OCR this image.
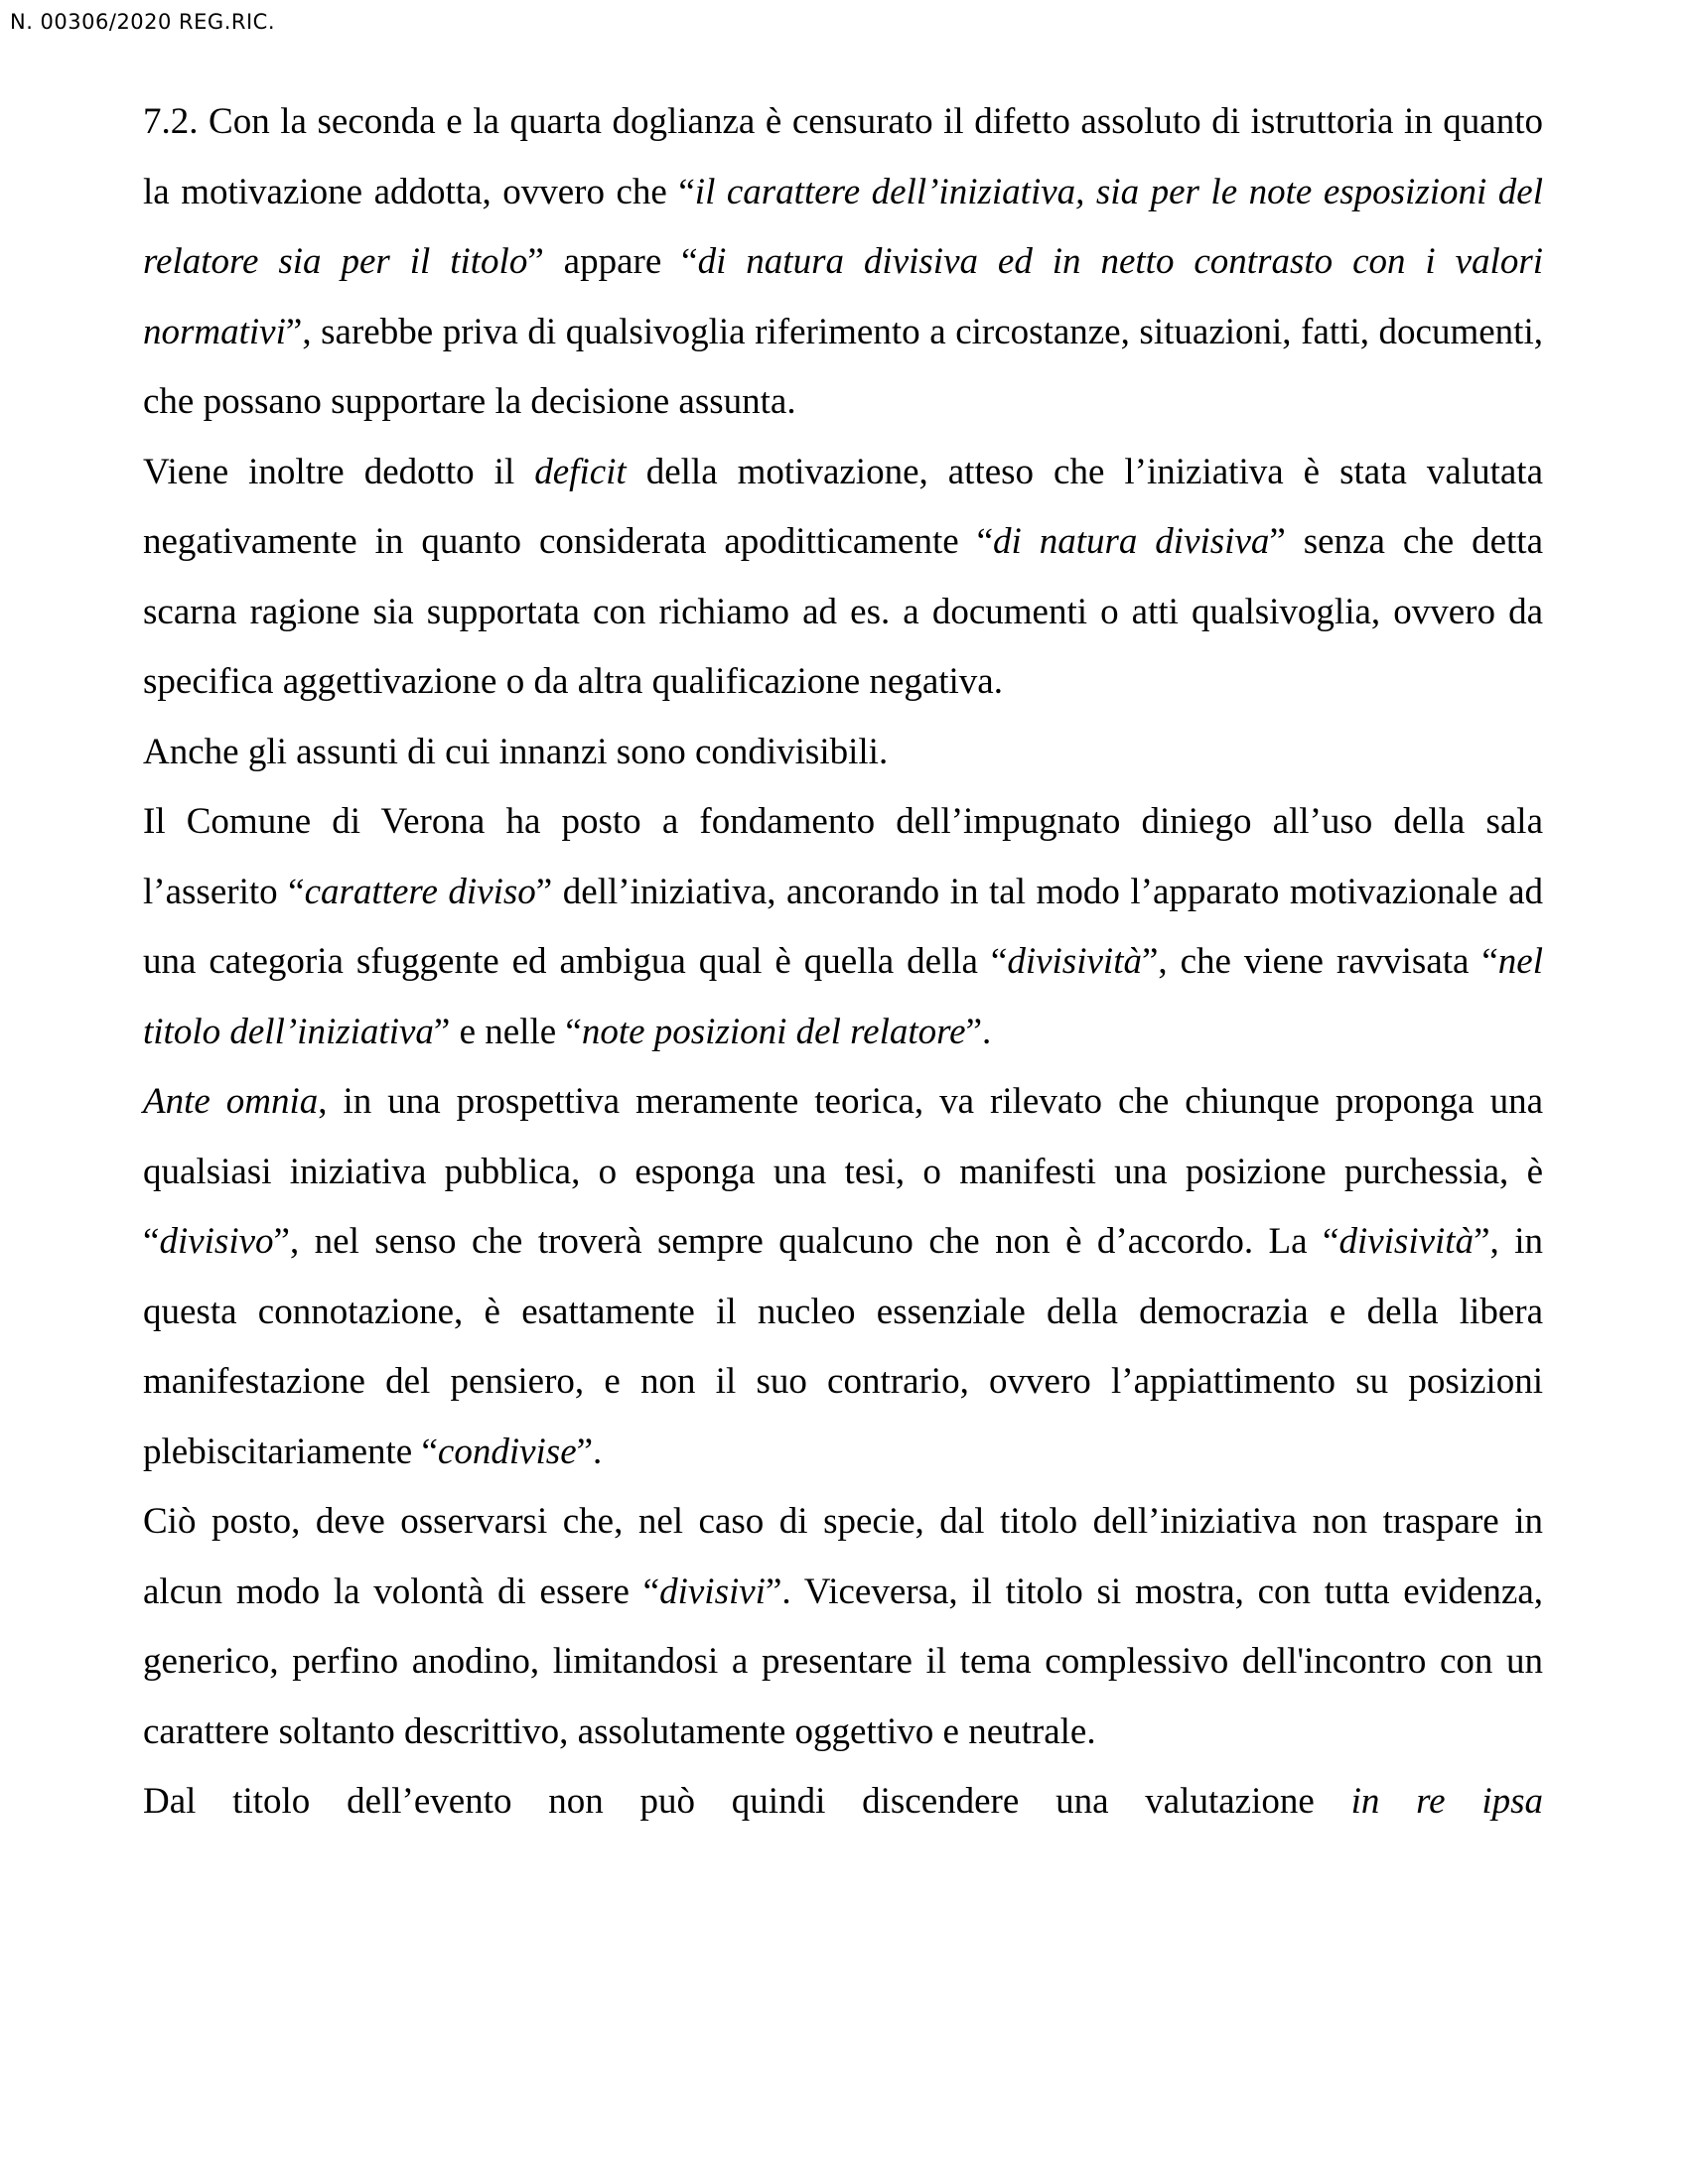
N. 00306/2020 REG.RIC.

7.2. Con la seconda e la quarta doglianza è censurato il difetto assoluto di istruttoria in quanto la motivazione addotta, ovvero che “il carattere dell’iniziativa, sia per le note esposizioni del relatore sia per il titolo” appare “di natura divisiva ed in netto contrasto con i valori normativi”, sarebbe priva di qualsivoglia riferimento a circostanze, situazioni, fatti, documenti, che possano supportare la decisione assunta.

Viene inoltre dedotto il deficit della motivazione, atteso che l’iniziativa è stata valutata negativamente in quanto considerata apoditticamente “di natura divisiva” senza che detta scarna ragione sia supportata con richiamo ad es. a documenti o atti qualsivoglia, ovvero da specifica aggettivazione o da altra qualificazione negativa.

Anche gli assunti di cui innanzi sono condivisibili.

Il Comune di Verona ha posto a fondamento dell’impugnato diniego all’uso della sala l’asserito “carattere diviso” dell’iniziativa, ancorando in tal modo l’apparato motivazionale ad una categoria sfuggente ed ambigua qual è quella della “divisività”, che viene ravvisata “nel titolo dell’iniziativa” e nelle “note posizioni del relatore”.

Ante omnia, in una prospettiva meramente teorica, va rilevato che chiunque proponga una qualsiasi iniziativa pubblica, o esponga una tesi, o manifesti una posizione purchessia, è “divisivo”, nel senso che troverà sempre qualcuno che non è d’accordo. La “divisività”, in questa connotazione, è esattamente il nucleo essenziale della democrazia e della libera manifestazione del pensiero, e non il suo contrario, ovvero l’appiattimento su posizioni plebiscitariamente “condivise”.

Ciò posto, deve osservarsi che, nel caso di specie, dal titolo dell’iniziativa non traspare in alcun modo la volontà di essere “divisivi”. Viceversa, il titolo si mostra, con tutta evidenza, generico, perfino anodino, limitandosi a presentare il tema complessivo dell'incontro con un carattere soltanto descrittivo, assolutamente oggettivo e neutrale.

Dal titolo dell’evento non può quindi discendere una valutazione in re ipsa
